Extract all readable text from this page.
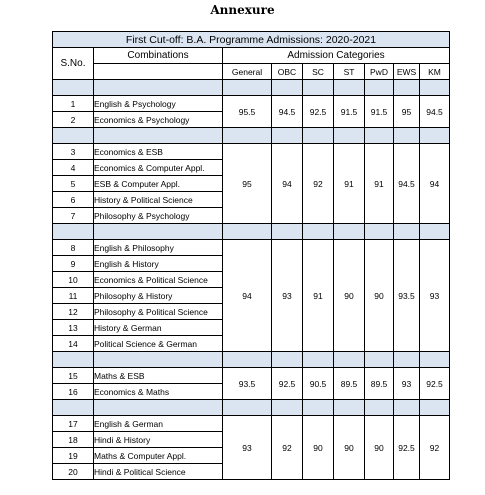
Annexure
First Cut-off: B.A. Programme Admissions: 2020-2021								
S.No.	Combinations	Admission Categories						
		General	OBC	SC	ST	PwD	EWS	KM

1	English & Psychology	95.5	94.5	92.5	91.5	91.5	95	94.5
2	Economics & Psychology							

3	Economics & ESB	95	94	92	91	91	94.5	94
4	Economics & Computer Appl.							
5	ESB & Computer Appl.							
6	History & Political Science							
7	Philosophy & Psychology							

8	English & Philosophy	94	93	91	90	90	93.5	93
9	English & History							
10	Economics & Political Science							
11	Philosophy & History							
12	Philosophy & Political Science							
13	History & German							
14	Political Science & German							

15	Maths & ESB	93.5	92.5	90.5	89.5	89.5	93	92.5
16	Economics & Maths							

17	English & German	93	92	90	90	90	92.5	92
18	Hindi & History							
19	Maths & Computer Appl.							
20	Hindi & Political Science							
